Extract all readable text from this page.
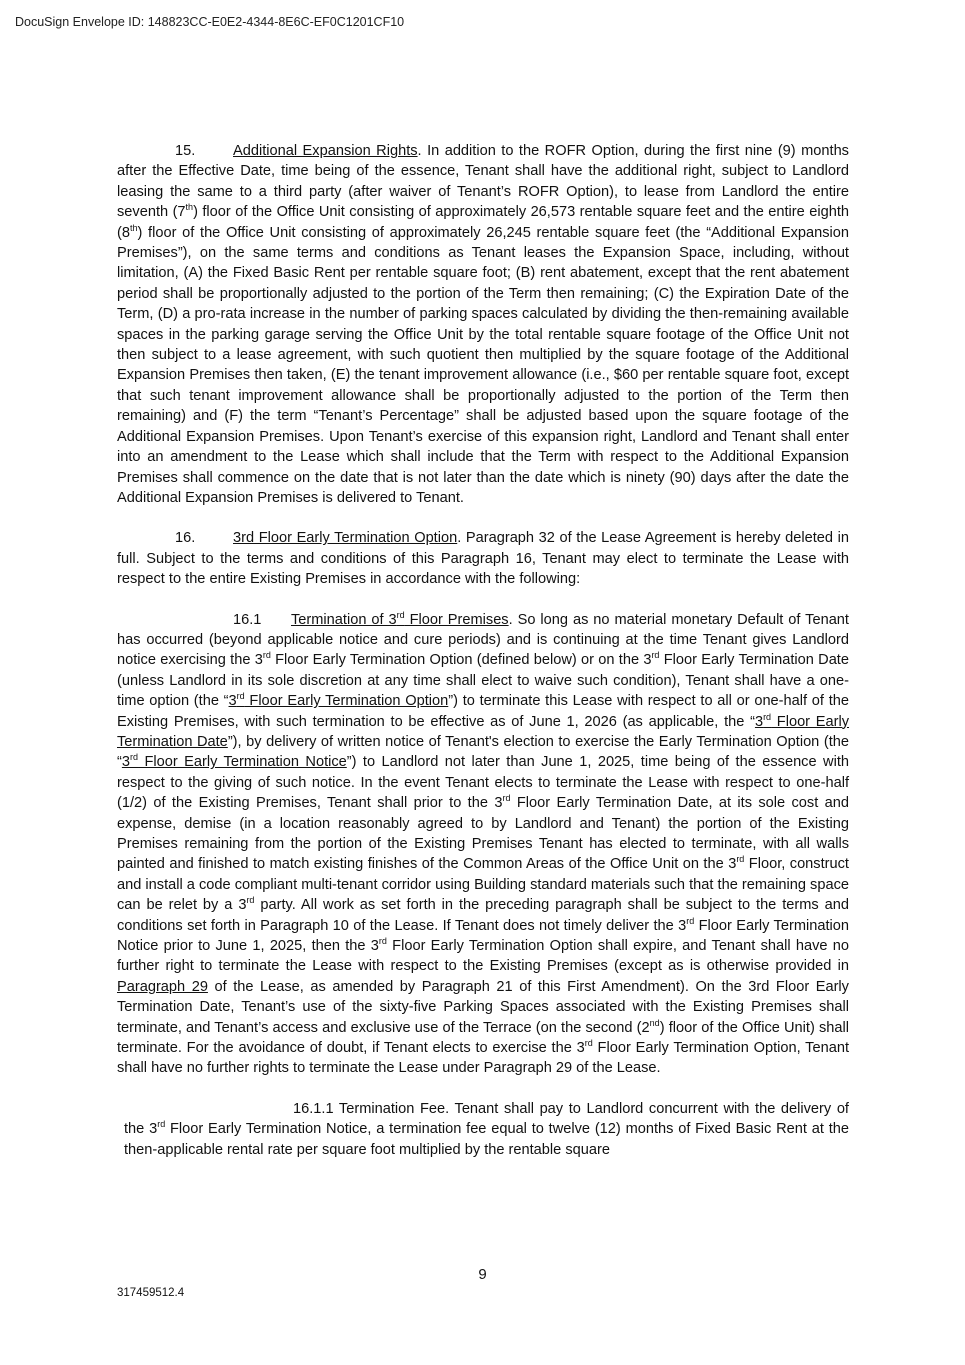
DocuSign Envelope ID: 148823CC-E0E2-4344-8E6C-EF0C1201CF10

15.	Additional Expansion Rights. In addition to the ROFR Option, during the first nine (9) months after the Effective Date, time being of the essence, Tenant shall have the additional right, subject to Landlord leasing the same to a third party (after waiver of Tenant’s ROFR Option), to lease from Landlord the entire seventh (7th) floor of the Office Unit consisting of approximately 26,573 rentable square feet and the entire eighth (8th) floor of the Office Unit consisting of approximately 26,245 rentable square feet (the “Additional Expansion Premises”), on the same terms and conditions as Tenant leases the Expansion Space, including, without limitation, (A) the Fixed Basic Rent per rentable square foot; (B) rent abatement, except that the rent abatement period shall be proportionally adjusted to the portion of the Term then remaining; (C) the Expiration Date of the Term, (D) a pro-rata increase in the number of parking spaces calculated by dividing the then-remaining available spaces in the parking garage serving the Office Unit by the total rentable square footage of the Office Unit not then subject to a lease agreement, with such quotient then multiplied by the square footage of the Additional Expansion Premises then taken, (E) the tenant improvement allowance (i.e., $60 per rentable square foot, except that such tenant improvement allowance shall be proportionally adjusted to the portion of the Term then remaining) and (F) the term “Tenant’s Percentage” shall be adjusted based upon the square footage of the Additional Expansion Premises. Upon Tenant’s exercise of this expansion right, Landlord and Tenant shall enter into an amendment to the Lease which shall include that the Term with respect to the Additional Expansion Premises shall commence on the date that is not later than the date which is ninety (90) days after the date the Additional Expansion Premises is delivered to Tenant.

16.	3rd Floor Early Termination Option. Paragraph 32 of the Lease Agreement is hereby deleted in full. Subject to the terms and conditions of this Paragraph 16, Tenant may elect to terminate the Lease with respect to the entire Existing Premises in accordance with the following:

16.1 Termination of 3rd Floor Premises. So long as no material monetary Default of Tenant has occurred (beyond applicable notice and cure periods) and is continuing at the time Tenant gives Landlord notice exercising the 3rd Floor Early Termination Option (defined below) or on the 3rd Floor Early Termination Date (unless Landlord in its sole discretion at any time shall elect to waive such condition), Tenant shall have a one-time option (the “3rd Floor Early Termination Option”) to terminate this Lease with respect to all or one-half of the Existing Premises, with such termination to be effective as of June 1, 2026 (as applicable, the “3rd Floor Early Termination Date”), by delivery of written notice of Tenant's election to exercise the Early Termination Option (the “3rd Floor Early Termination Notice”) to Landlord not later than June 1, 2025, time being of the essence with respect to the giving of such notice. In the event Tenant elects to terminate the Lease with respect to one-half (1/2) of the Existing Premises, Tenant shall prior to the 3rd Floor Early Termination Date, at its sole cost and expense, demise (in a location reasonably agreed to by Landlord and Tenant) the portion of the Existing Premises remaining from the portion of the Existing Premises Tenant has elected to terminate, with all walls painted and finished to match existing finishes of the Common Areas of the Office Unit on the 3rd Floor, construct and install a code compliant multi-tenant corridor using Building standard materials such that the remaining space can be relet by a 3rd party. All work as set forth in the preceding paragraph shall be subject to the terms and conditions set forth in Paragraph 10 of the Lease. If Tenant does not timely deliver the 3rd Floor Early Termination Notice prior to June 1, 2025, then the 3rd Floor Early Termination Option shall expire, and Tenant shall have no further right to terminate the Lease with respect to the Existing Premises (except as is otherwise provided in Paragraph 29 of the Lease, as amended by Paragraph 21 of this First Amendment). On the 3rd Floor Early Termination Date, Tenant’s use of the sixty-five Parking Spaces associated with the Existing Premises shall terminate, and Tenant’s access and exclusive use of the Terrace (on the second (2nd) floor of the Office Unit) shall terminate. For the avoidance of doubt, if Tenant elects to exercise the 3rd Floor Early Termination Option, Tenant shall have no further rights to terminate the Lease under Paragraph 29 of the Lease.

16.1.1 Termination Fee. Tenant shall pay to Landlord concurrent with the delivery of the 3rd Floor Early Termination Notice, a termination fee equal to twelve (12) months of Fixed Basic Rent at the then-applicable rental rate per square foot multiplied by the rentable square

9
317459512.4
